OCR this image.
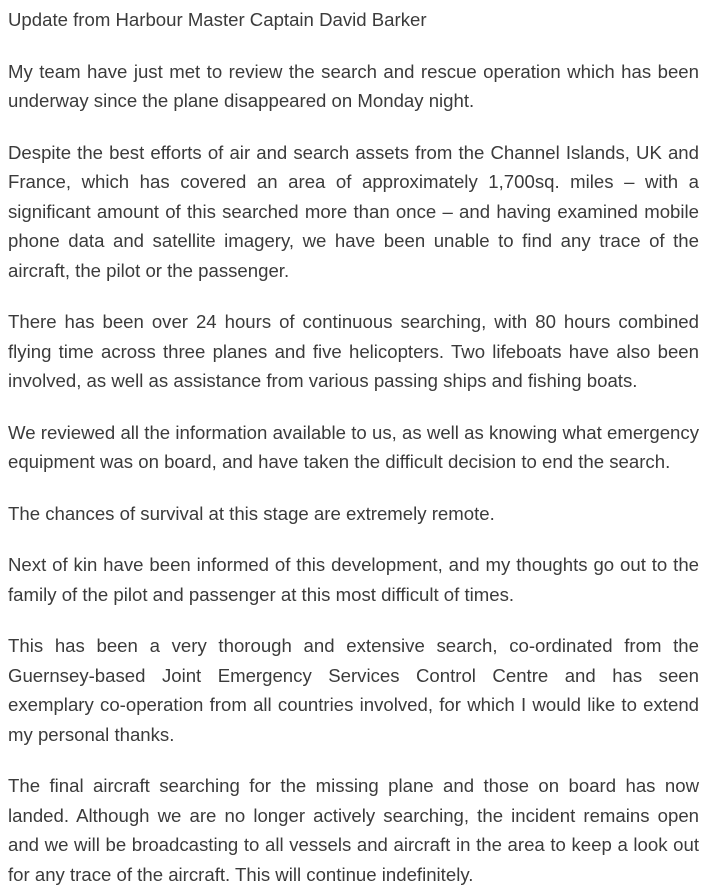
Update from Harbour Master Captain David Barker

My team have just met to review the search and rescue operation which has been underway since the plane disappeared on Monday night.

Despite the best efforts of air and search assets from the Channel Islands, UK and France, which has covered an area of approximately 1,700sq. miles – with a significant amount of this searched more than once – and having examined mobile phone data and satellite imagery, we have been unable to find any trace of the aircraft, the pilot or the passenger.

There has been over 24 hours of continuous searching, with 80 hours combined flying time across three planes and five helicopters. Two lifeboats have also been involved, as well as assistance from various passing ships and fishing boats.

We reviewed all the information available to us, as well as knowing what emergency equipment was on board, and have taken the difficult decision to end the search.

The chances of survival at this stage are extremely remote.

Next of kin have been informed of this development, and my thoughts go out to the family of the pilot and passenger at this most difficult of times.

This has been a very thorough and extensive search, co-ordinated from the Guernsey-based Joint Emergency Services Control Centre and has seen exemplary co-operation from all countries involved, for which I would like to extend my personal thanks.

The final aircraft searching for the missing plane and those on board has now landed. Although we are no longer actively searching, the incident remains open and we will be broadcasting to all vessels and aircraft in the area to keep a look out for any trace of the aircraft. This will continue indefinitely.
